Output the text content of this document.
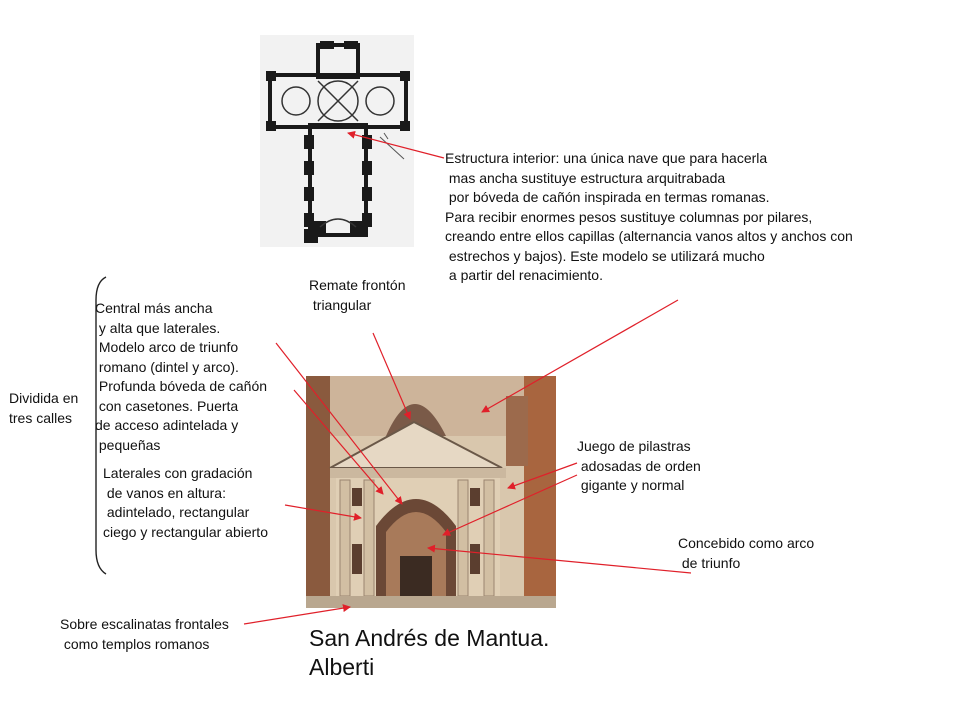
Estructura interior: una única nave que para hacerla
mas ancha sustituye estructura arquitrabada
por bóveda de cañón inspirada en termas romanas.
Para recibir enormes pesos sustituye columnas por pilares,
creando entre ellos capillas (alternancia vanos altos y anchos con
estrechos y bajos). Este modelo se utilizará mucho
a partir del renacimiento.
Remate frontón
triangular
Central más ancha
y alta que laterales.
Modelo arco de triunfo
romano (dintel y arco).
Profunda bóveda de cañón
con casetones. Puerta
de acceso adintelada y
pequeñas
Dividida en
tres calles
Laterales con gradación
de vanos en altura:
adintelado, rectangular
ciego y rectangular abierto
Juego de pilastras
adosadas de orden
gigante y normal
Concebido como arco
de triunfo
Sobre escalinatas frontales
como templos romanos	San Andrés de Mantua.
Alberti
